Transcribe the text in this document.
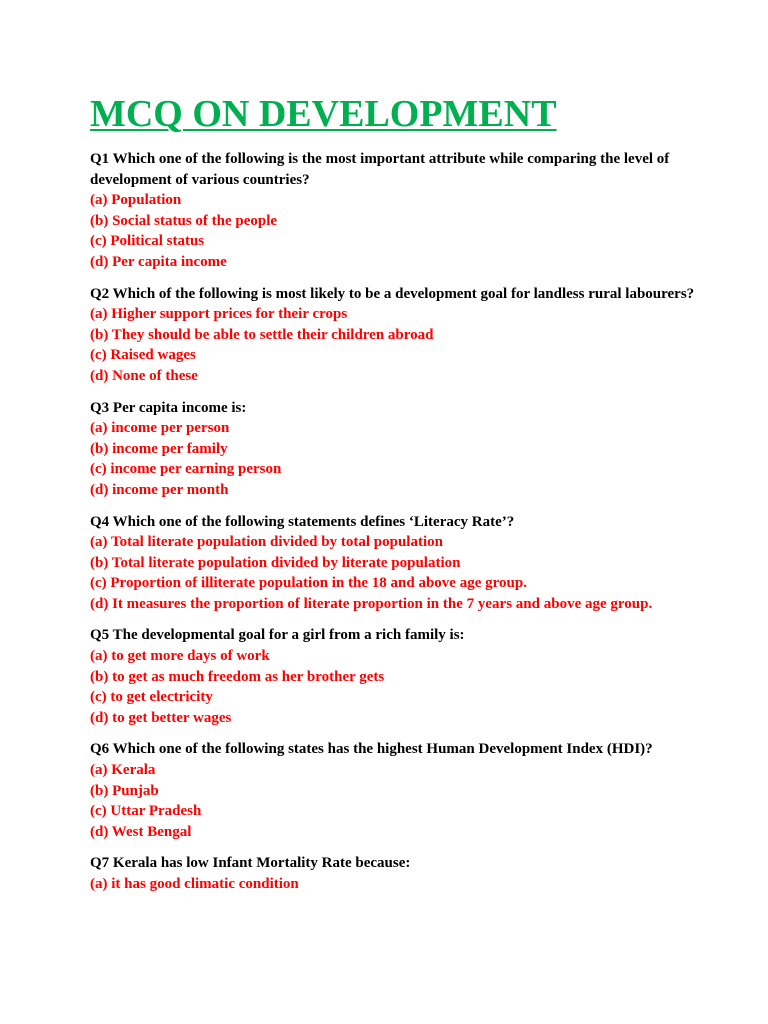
MCQ ON DEVELOPMENT

Q1 Which one of the following is the most important attribute while comparing the level of development of various countries?

(a) Population

(b) Social status of the people

(c) Political status

(d) Per capita income

Q2 Which of the following is most likely to be a development goal for landless rural labourers?

(a) Higher support prices for their crops

(b) They should be able to settle their children abroad

(c) Raised wages

(d) None of these

Q3 Per capita income is:

(a) income per person

(b) income per family

(c) income per earning person

(d) income per month

Q4 Which one of the following statements defines ‘Literacy Rate’?

(a) Total literate population divided by total population

(b) Total literate population divided by literate population

(c) Proportion of illiterate population in the 18 and above age group.

(d) It measures the proportion of literate proportion in the 7 years and above age group.

Q5 The developmental goal for a girl from a rich family is:

(a) to get more days of work

(b) to get as much freedom as her brother gets

(c) to get electricity

(d) to get better wages

Q6 Which one of the following states has the highest Human Development Index (HDI)?

(a) Kerala

(b) Punjab

(c) Uttar Pradesh

(d) West Bengal

Q7 Kerala has low Infant Mortality Rate because:

(a) it has good climatic condition
